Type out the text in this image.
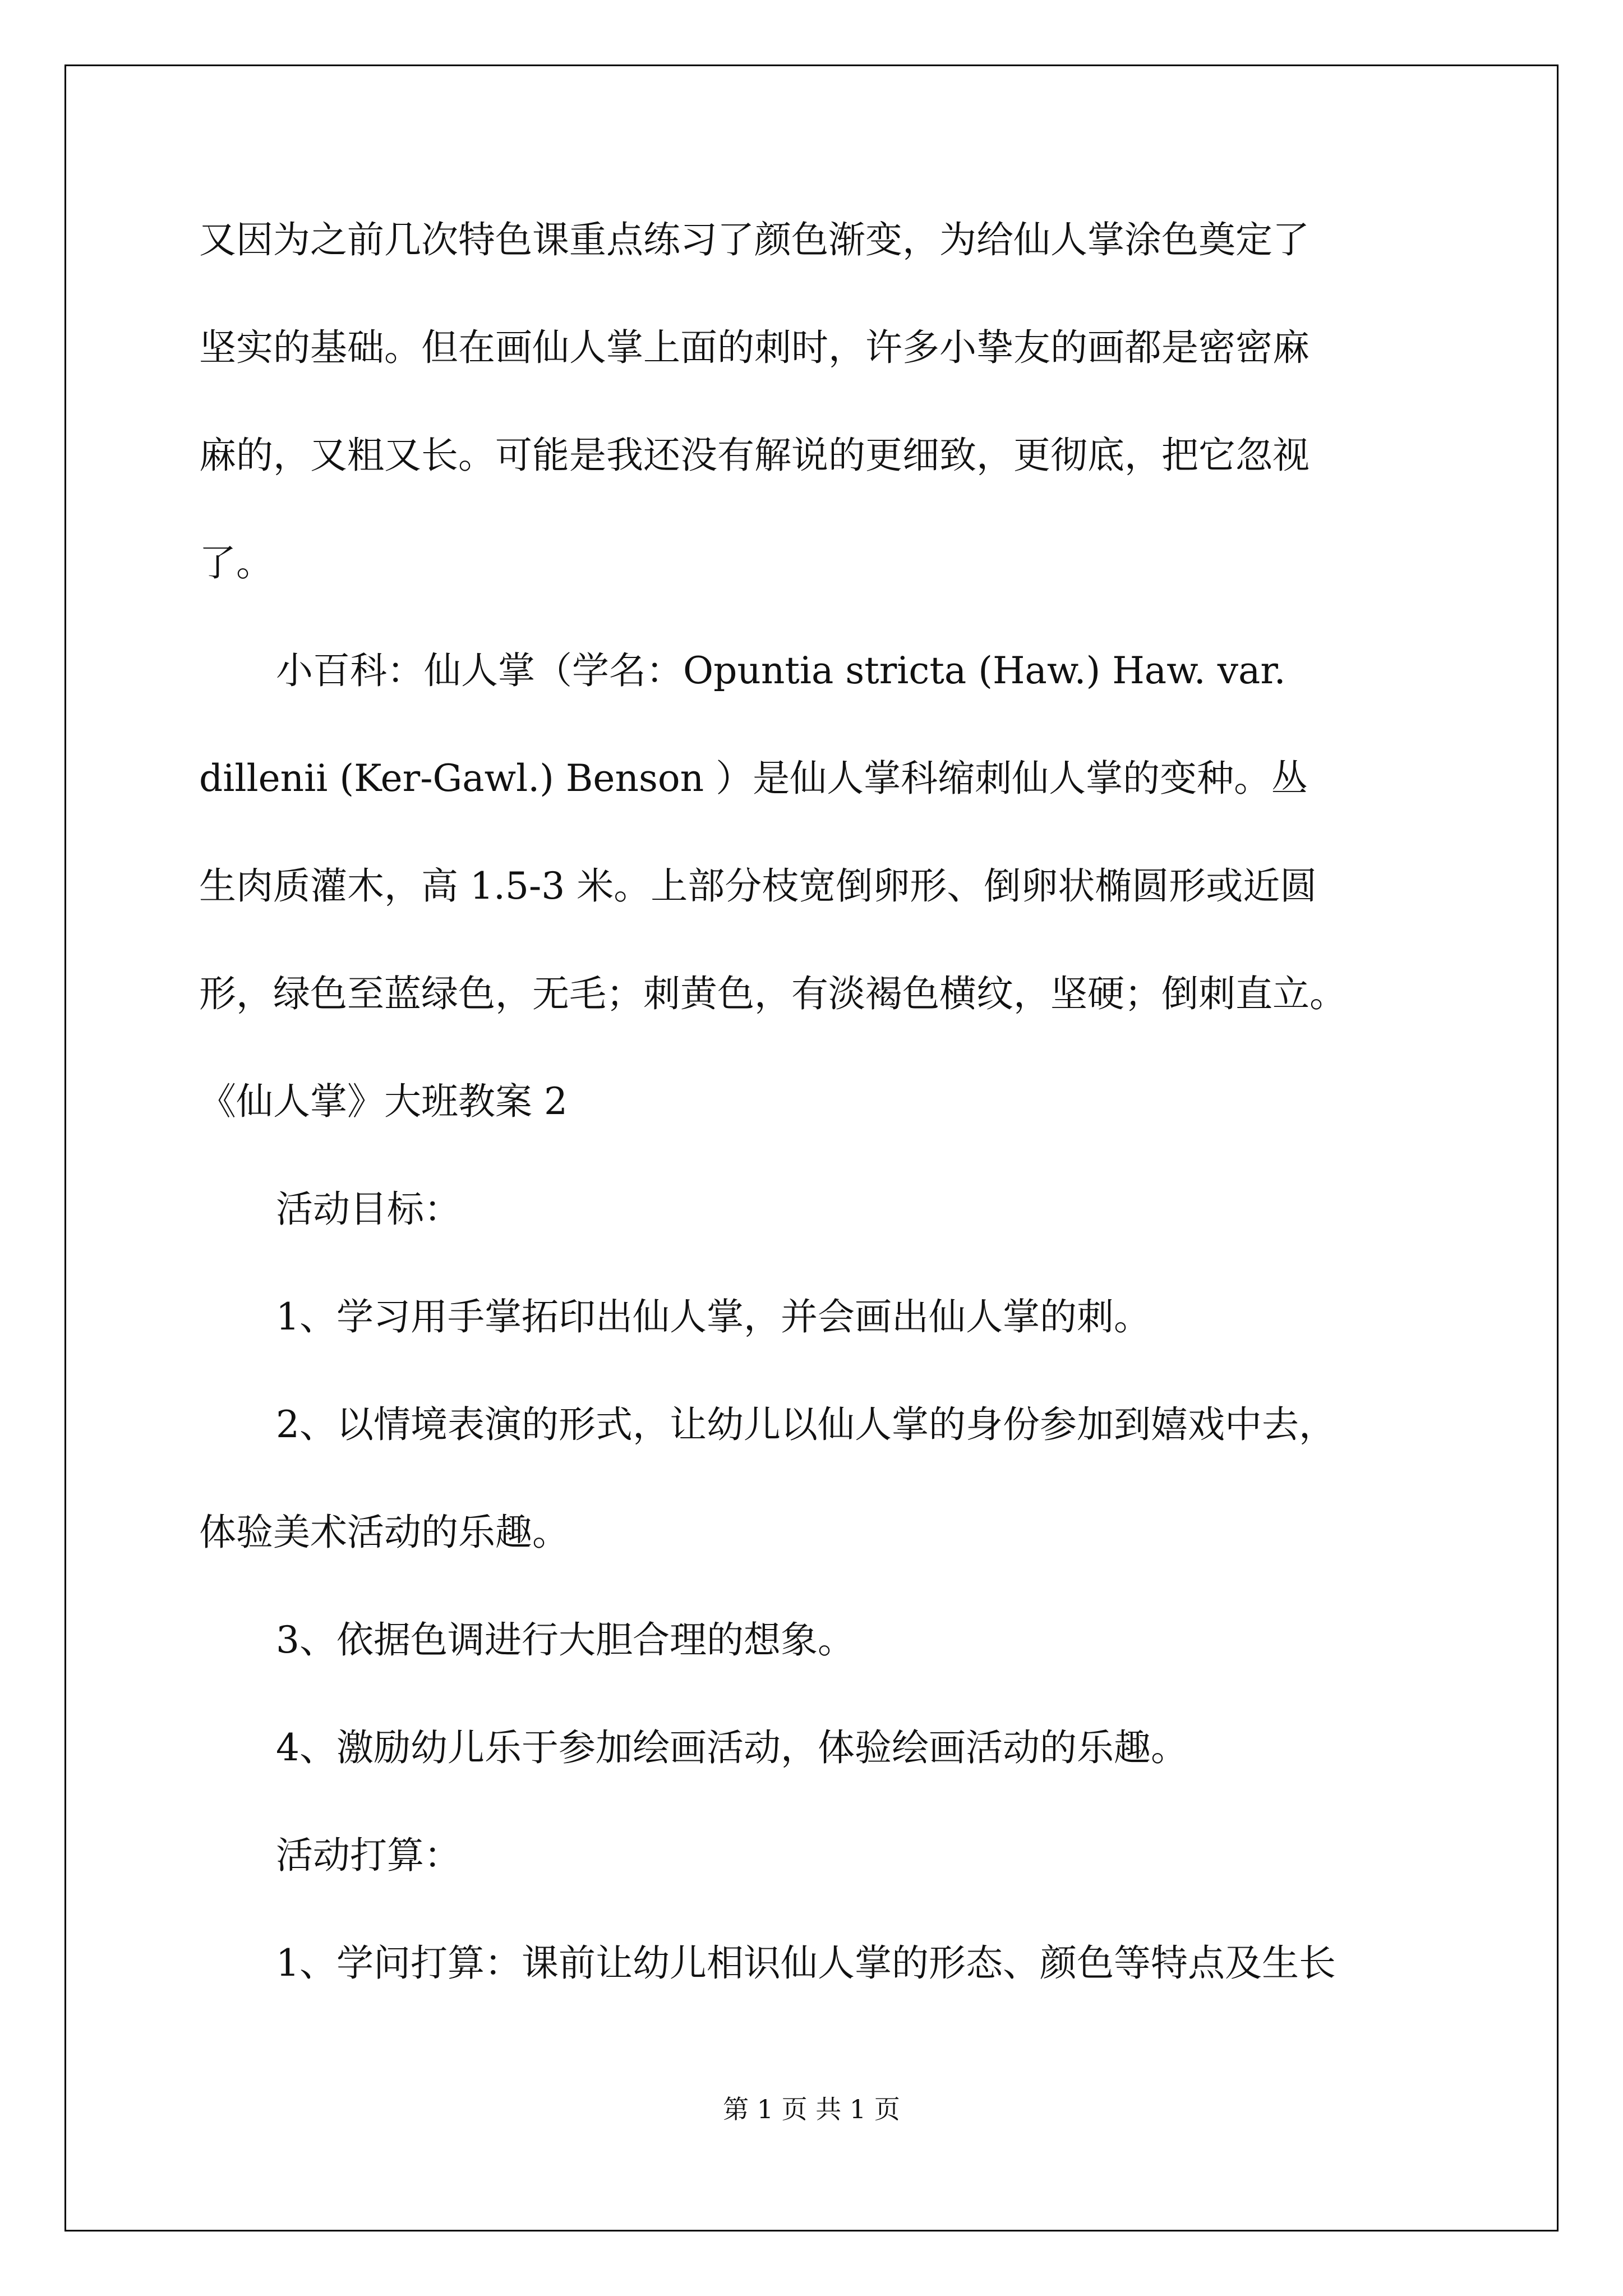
又因为之前几次特色课重点练习了颜色渐变，为给仙人掌涂色奠定了
坚实的基础。但在画仙人掌上面的刺时，许多小挚友的画都是密密麻
麻的，又粗又长。可能是我还没有解说的更细致，更彻底，把它忽视
了。
小百科：仙人掌（学名：Opuntia stricta (Haw.) Haw. var.
dillenii (Ker-Gawl.) Benson ）是仙人掌科缩刺仙人掌的变种。丛
生肉质灌木，高 1.5-3 米。上部分枝宽倒卵形、倒卵状椭圆形或近圆
形，绿色至蓝绿色，无毛；刺黄色，有淡褐色横纹，坚硬；倒刺直立。
《仙人掌》大班教案 2
活动目标：
1、学习用手掌拓印出仙人掌，并会画出仙人掌的刺。
2、以情境表演的形式，让幼儿以仙人掌的身份参加到嬉戏中去，
体验美术活动的乐趣。
3、依据色调进行大胆合理的想象。
4、激励幼儿乐于参加绘画活动，体验绘画活动的乐趣。
活动打算：
1、学问打算：课前让幼儿相识仙人掌的形态、颜色等特点及生长
第 1 页 共 1 页
